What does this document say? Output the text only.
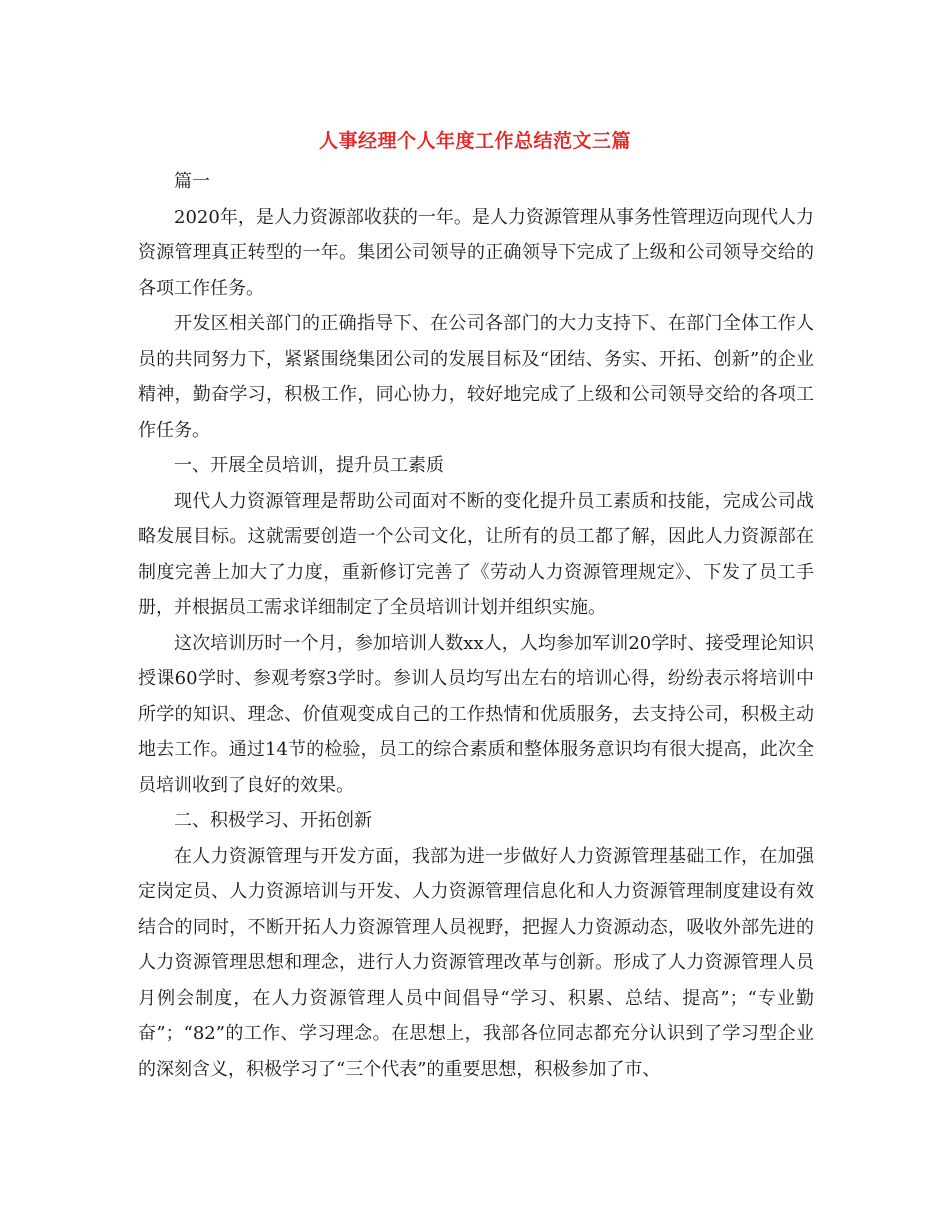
人事经理个人年度工作总结范文三篇

篇一

2020年，是人力资源部收获的一年。是人力资源管理从事务性管理迈向现代人力资源管理真正转型的一年。集团公司领导的正确领导下完成了上级和公司领导交给的各项工作任务。

开发区相关部门的正确指导下、在公司各部门的大力支持下、在部门全体工作人员的共同努力下，紧紧围绕集团公司的发展目标及“团结、务实、开拓、创新”的企业精神，勤奋学习，积极工作，同心协力，较好地完成了上级和公司领导交给的各项工作任务。

一、开展全员培训，提升员工素质

现代人力资源管理是帮助公司面对不断的变化提升员工素质和技能，完成公司战略发展目标。这就需要创造一个公司文化，让所有的员工都了解，因此人力资源部在制度完善上加大了力度，重新修订完善了《劳动人力资源管理规定》、下发了员工手册，并根据员工需求详细制定了全员培训计划并组织实施。

这次培训历时一个月，参加培训人数xx人，人均参加军训20学时、接受理论知识授课60学时、参观考察3学时。参训人员均写出左右的培训心得，纷纷表示将培训中所学的知识、理念、价值观变成自己的工作热情和优质服务，去支持公司，积极主动地去工作。通过14节的检验，员工的综合素质和整体服务意识均有很大提高，此次全员培训收到了良好的效果。

二、积极学习、开拓创新

在人力资源管理与开发方面，我部为进一步做好人力资源管理基础工作，在加强定岗定员、人力资源培训与开发、人力资源管理信息化和人力资源管理制度建设有效结合的同时，不断开拓人力资源管理人员视野，把握人力资源动态，吸收外部先进的人力资源管理思想和理念，进行人力资源管理改革与创新。形成了人力资源管理人员月例会制度，在人力资源管理人员中间倡导“学习、积累、总结、提高”；“专业勤奋”；“82”的工作、学习理念。在思想上，我部各位同志都充分认识到了学习型企业的深刻含义，积极学习了“三个代表”的重要思想，积极参加了市、
